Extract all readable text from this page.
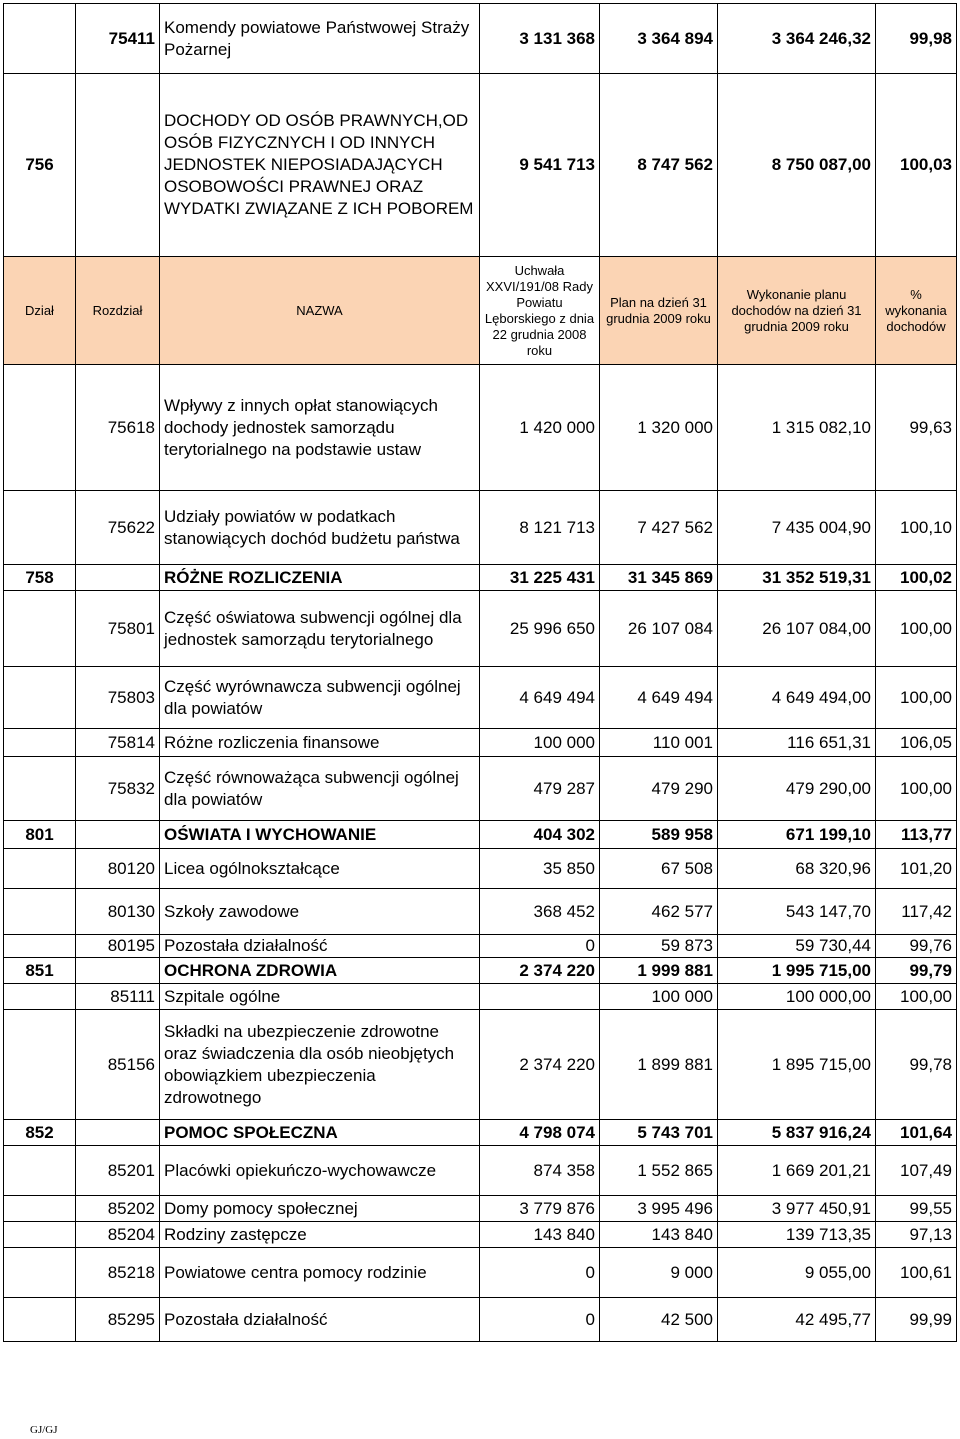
	75411	Komendy powiatowe Państwowej Straży Pożarnej	3 131 368	3 364 894	3 364 246,32	99,98
756		DOCHODY OD OSÓB PRAWNYCH,OD OSÓB FIZYCZNYCH I OD INNYCH JEDNOSTEK NIEPOSIADAJĄCYCH OSOBOWOŚCI PRAWNEJ ORAZ WYDATKI ZWIĄZANE Z ICH POBOREM	9 541 713	8 747 562	8 750 087,00	100,03
Dział	Rozdział	NAZWA	Uchwała XXVI/191/08 Rady Powiatu Lęborskiego z dnia 22 grudnia 2008 roku	Plan na dzień 31 grudnia 2009 roku	Wykonanie planu dochodów na dzień 31 grudnia 2009 roku	% wykonania dochodów
	75618	Wpływy z innych opłat stanowiących dochody jednostek samorządu terytorialnego na podstawie ustaw	1 420 000	1 320 000	1 315 082,10	99,63
	75622	Udziały powiatów w podatkach stanowiących dochód budżetu państwa	8 121 713	7 427 562	7 435 004,90	100,10
758		RÓŻNE ROZLICZENIA	31 225 431	31 345 869	31 352 519,31	100,02
	75801	Część oświatowa subwencji ogólnej dla jednostek samorządu terytorialnego	25 996 650	26 107 084	26 107 084,00	100,00
	75803	Część wyrównawcza subwencji ogólnej dla powiatów	4 649 494	4 649 494	4 649 494,00	100,00
	75814	Różne rozliczenia finansowe	100 000	110 001	116 651,31	106,05
	75832	Część równoważąca subwencji ogólnej dla powiatów	479 287	479 290	479 290,00	100,00
801		OŚWIATA I WYCHOWANIE	404 302	589 958	671 199,10	113,77
	80120	Licea ogólnokształcące	35 850	67 508	68 320,96	101,20
	80130	Szkoły zawodowe	368 452	462 577	543 147,70	117,42
	80195	Pozostała działalność	0	59 873	59 730,44	99,76
851		OCHRONA ZDROWIA	2 374 220	1 999 881	1 995 715,00	99,79
	85111	Szpitale ogólne		100 000	100 000,00	100,00
	85156	Składki na ubezpieczenie zdrowotne oraz świadczenia dla osób nieobjętych obowiązkiem ubezpieczenia zdrowotnego	2 374 220	1 899 881	1 895 715,00	99,78
852		POMOC SPOŁECZNA	4 798 074	5 743 701	5 837 916,24	101,64
	85201	Placówki opiekuńczo-wychowawcze	874 358	1 552 865	1 669 201,21	107,49
	85202	Domy pomocy społecznej	3 779 876	3 995 496	3 977 450,91	99,55
	85204	Rodziny zastępcze	143 840	143 840	139 713,35	97,13
	85218	Powiatowe centra pomocy rodzinie	0	9 000	9 055,00	100,61
	85295	Pozostała działalność	0	42 500	42 495,77	99,99
GJ/GJ
